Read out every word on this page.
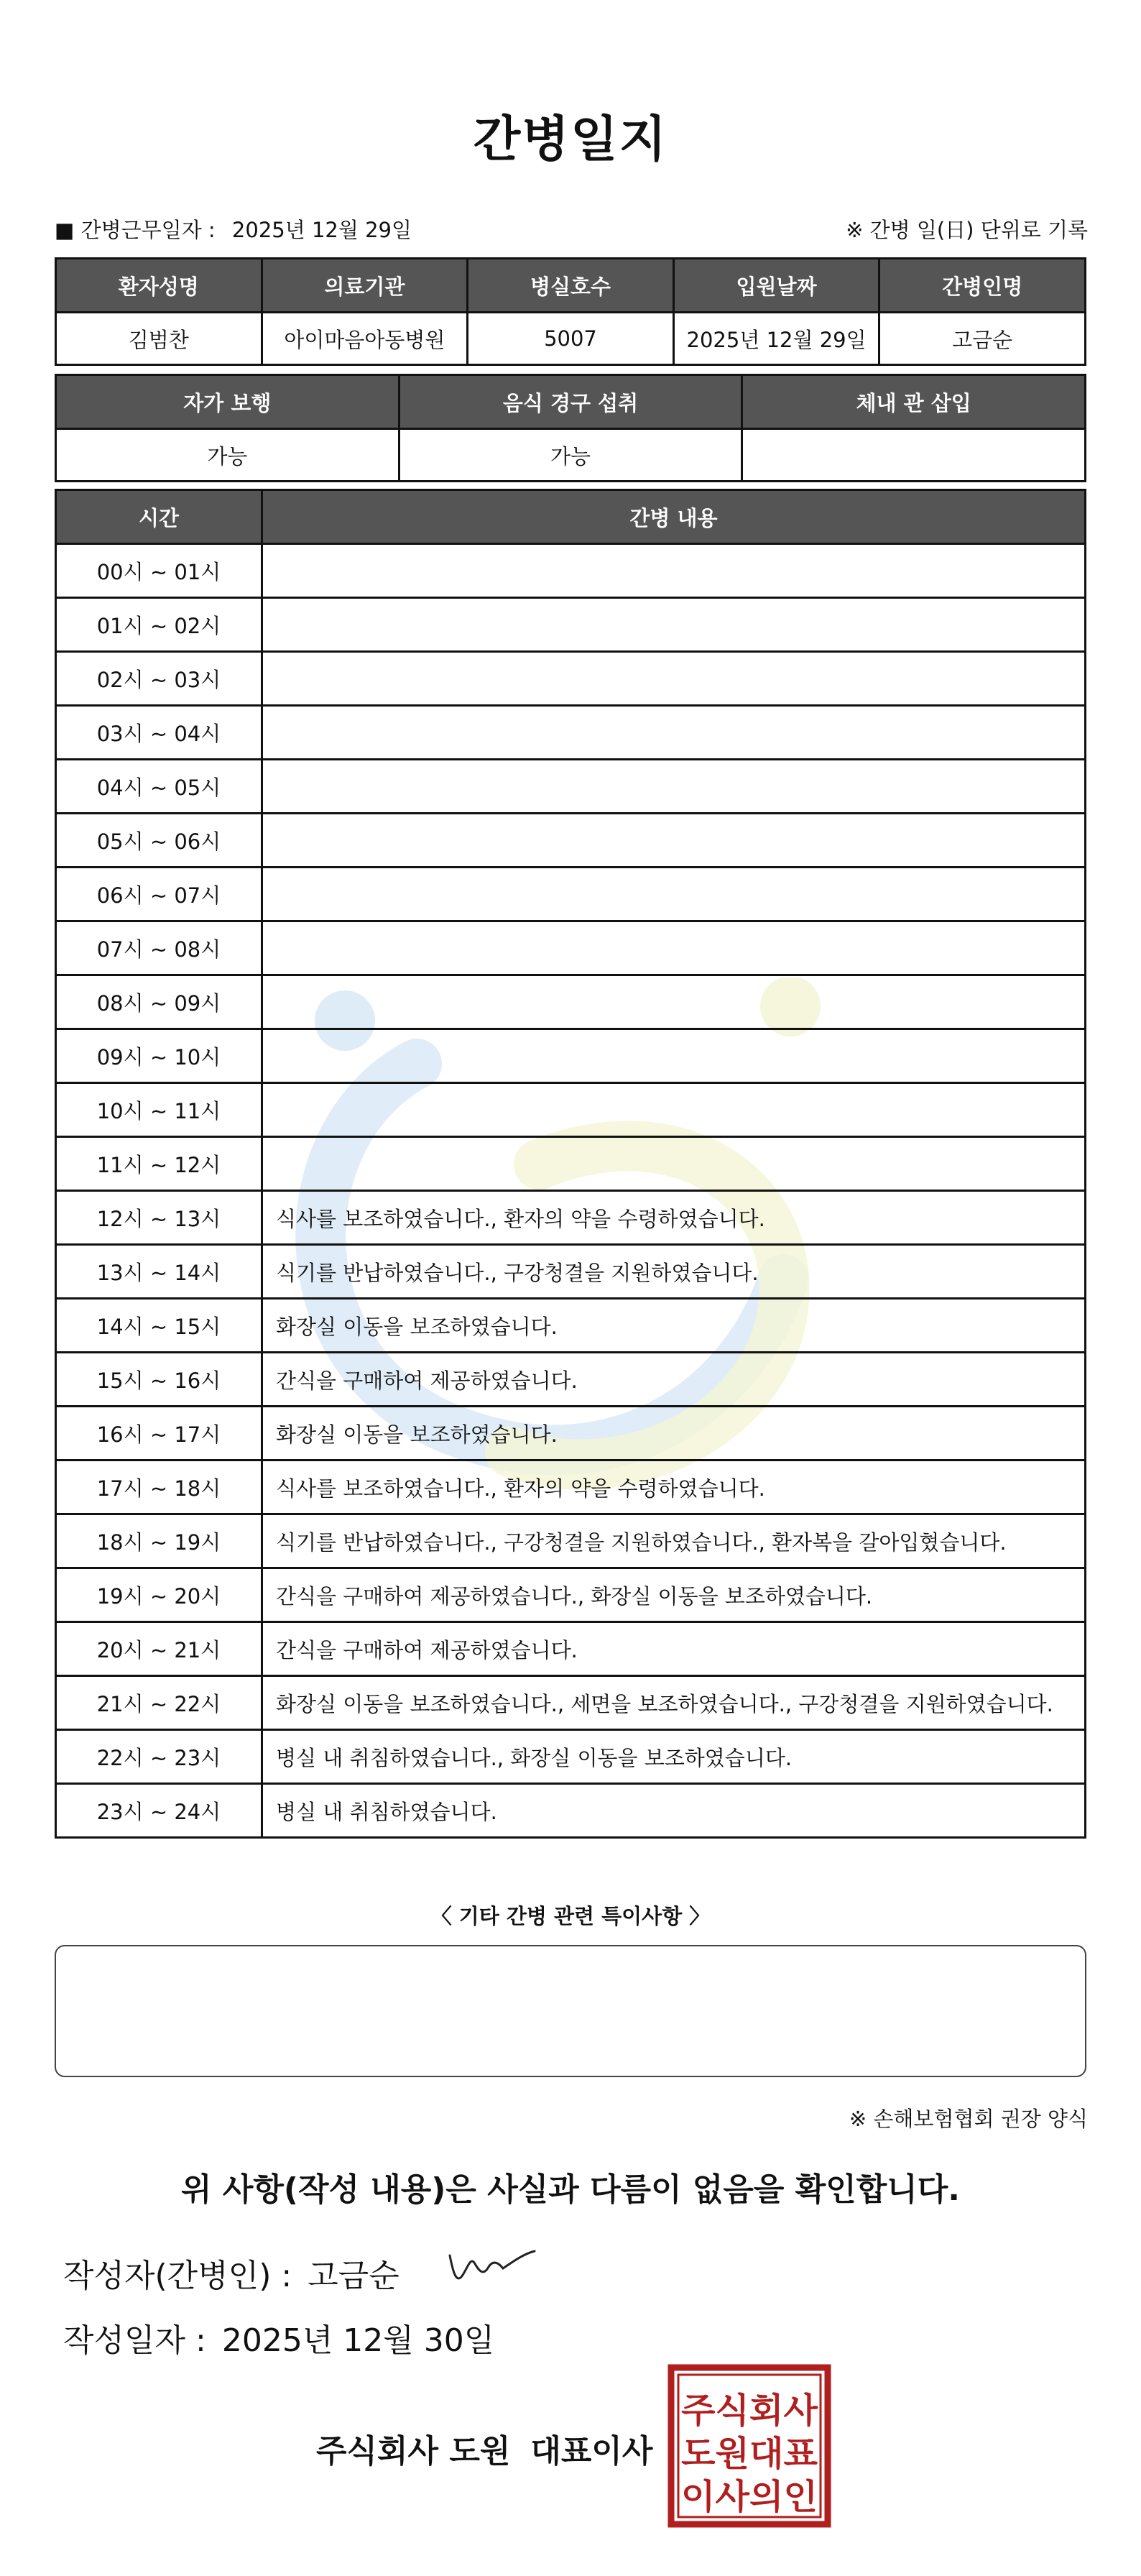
간병일지
■ 간병근무일자 : 2025년 12월 29일	※ 간병 일(日) 단위로 기록
환자성명	의료기관	병실호수	입원날짜	간병인명
김범찬	아이마음아동병원	5007	2025년 12월 29일	고금순
자가 보행	음식 경구 섭취	체내 관 삽입
가능	가능	
시간	간병 내용
00시 ~ 01시	
01시 ~ 02시	
02시 ~ 03시	
03시 ~ 04시	
04시 ~ 05시	
05시 ~ 06시	
06시 ~ 07시	
07시 ~ 08시	
08시 ~ 09시	
09시 ~ 10시	
10시 ~ 11시	
11시 ~ 12시	
12시 ~ 13시	식사를 보조하였습니다., 환자의 약을 수령하였습니다.
13시 ~ 14시	식기를 반납하였습니다., 구강청결을 지원하였습니다.
14시 ~ 15시	화장실 이동을 보조하였습니다.
15시 ~ 16시	간식을 구매하여 제공하였습니다.
16시 ~ 17시	화장실 이동을 보조하였습니다.
17시 ~ 18시	식사를 보조하였습니다., 환자의 약을 수령하였습니다.
18시 ~ 19시	식기를 반납하였습니다., 구강청결을 지원하였습니다., 환자복을 갈아입혔습니다.
19시 ~ 20시	간식을 구매하여 제공하였습니다., 화장실 이동을 보조하였습니다.
20시 ~ 21시	간식을 구매하여 제공하였습니다.
21시 ~ 22시	화장실 이동을 보조하였습니다., 세면을 보조하였습니다., 구강청결을 지원하였습니다.
22시 ~ 23시	병실 내 취침하였습니다., 화장실 이동을 보조하였습니다.
23시 ~ 24시	병실 내 취침하였습니다.
〈 기타 간병 관련 특이사항 〉
※ 손해보험협회 권장 양식
위 사항(작성 내용)은 사실과 다름이 없음을 확인합니다.
작성자(간병인) : 고금순
작성일자 : 2025년 12월 30일
주식회사 도원 대표이사
주식회사
도원대표
이사의인
